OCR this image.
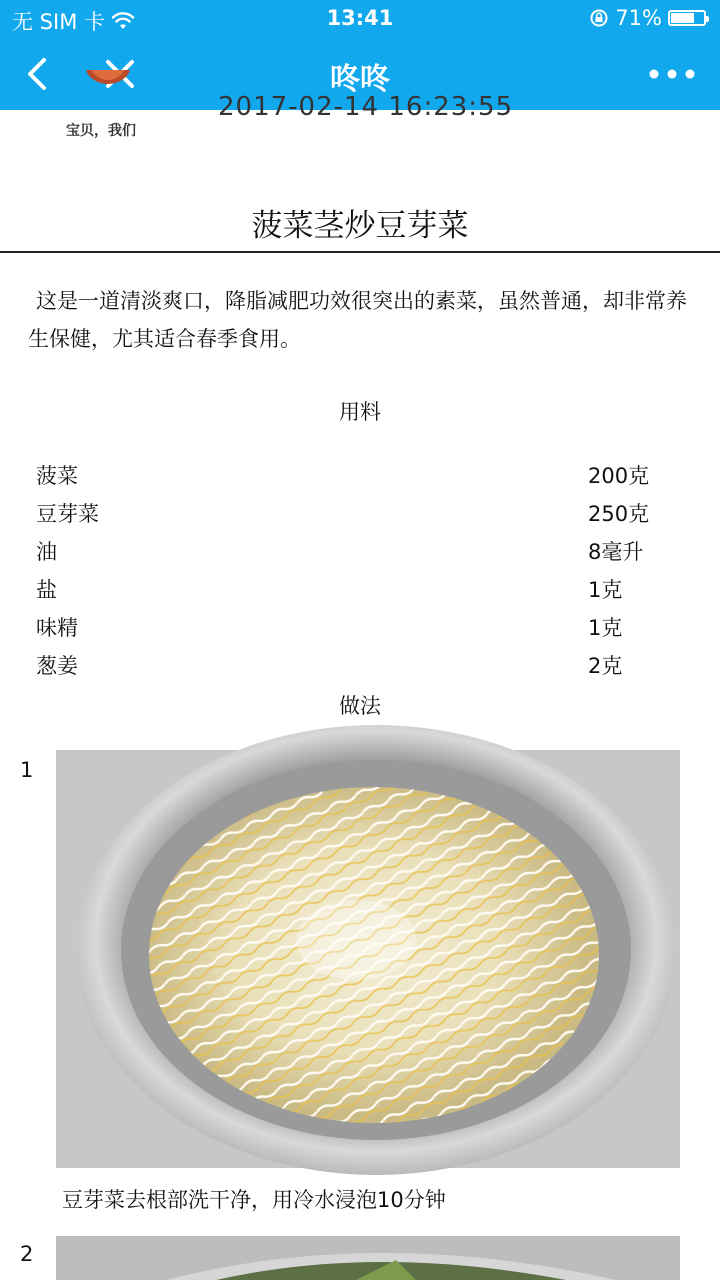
无 SIM 卡	13:41	71%
咚咚
宝贝，我们
2017-02-14 16:23:55
菠菜茎炒豆芽菜
这是一道清淡爽口，降脂减肥功效很突出的素菜，虽然普通，却非常养生保健，尤其适合春季食用。
用料
菠菜	200克
豆芽菜	250克
油	8毫升
盐	1克
味精	1克
葱姜	2克
做法
1
豆芽菜去根部洗干净，用冷水浸泡10分钟
2
